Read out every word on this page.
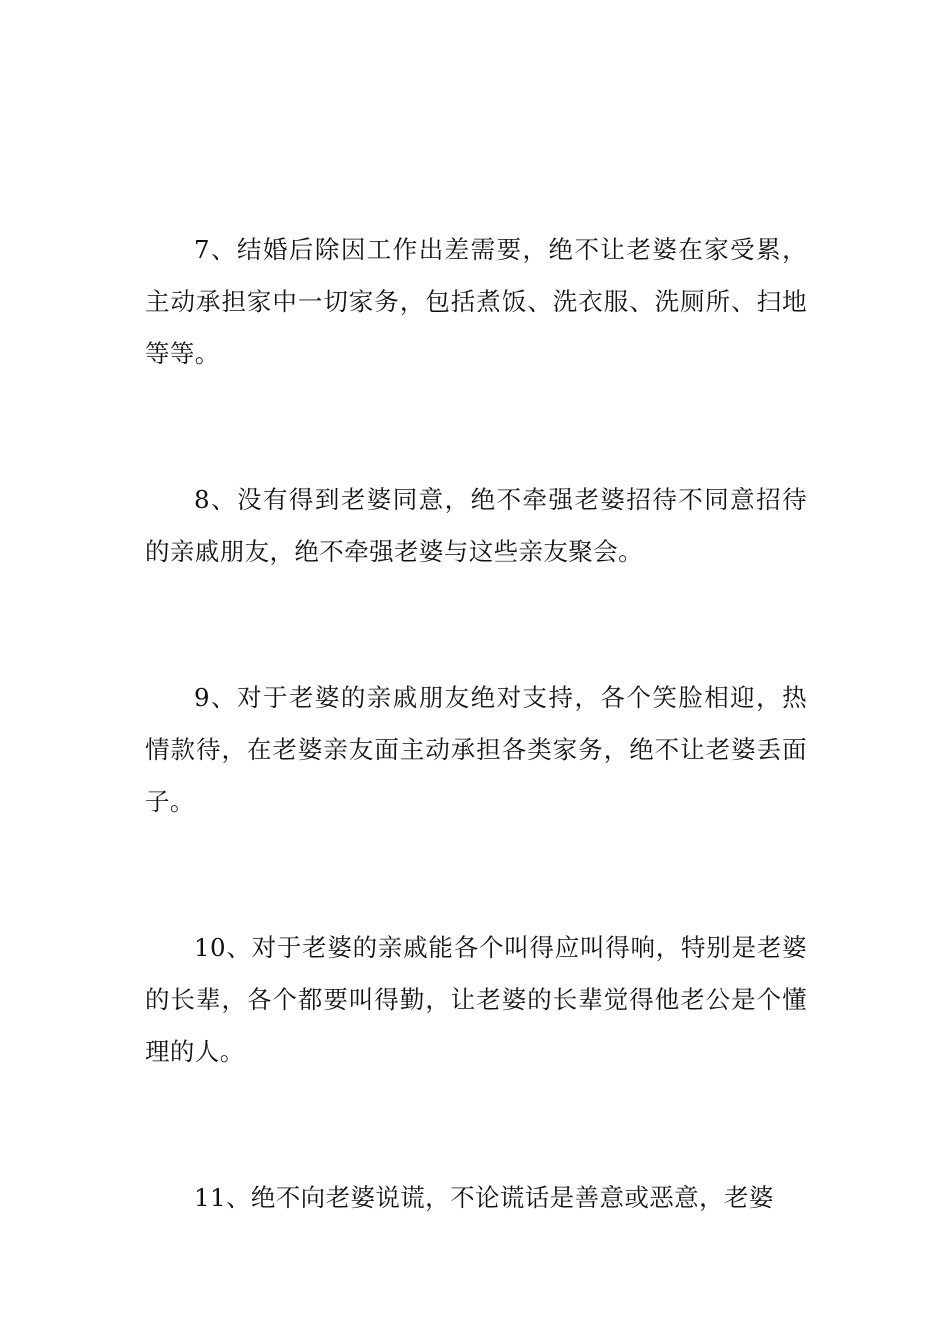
7、结婚后除因工作出差需要，绝不让老婆在家受累，主动承担家中一切家务，包括煮饭、洗衣服、洗厕所、扫地等等。

8、没有得到老婆同意，绝不牵强老婆招待不同意招待的亲戚朋友，绝不牵强老婆与这些亲友聚会。

9、对于老婆的亲戚朋友绝对支持，各个笑脸相迎，热情款待，在老婆亲友面主动承担各类家务，绝不让老婆丢面子。

10、对于老婆的亲戚能各个叫得应叫得响，特别是老婆的长辈，各个都要叫得勤，让老婆的长辈觉得他老公是个懂理的人。

11、绝不向老婆说谎，不论谎话是善意或恶意，老婆
